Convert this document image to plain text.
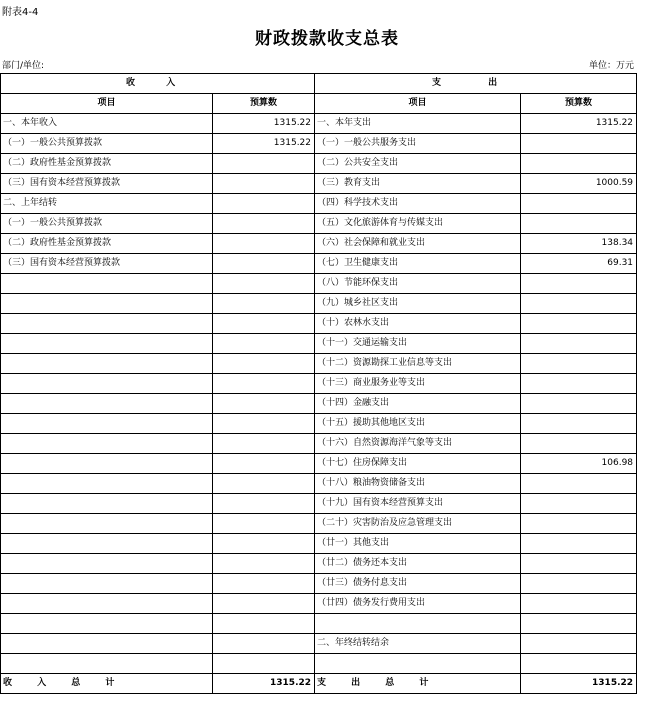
附表4-4
财政拨款收支总表
部门/单位:	单位：万元
收 入		支 出	
项目	预算数	项目	预算数
一、本年收入	1315.22	一、本年支出	1315.22
（一）一般公共预算拨款	1315.22	（一）一般公共服务支出	
（二）政府性基金预算拨款		（二）公共安全支出	
（三）国有资本经营预算拨款		（三）教育支出	1000.59
二、上年结转		（四）科学技术支出	
（一）一般公共预算拨款		（五）文化旅游体育与传媒支出	
（二）政府性基金预算拨款		（六）社会保障和就业支出	138.34
（三）国有资本经营预算拨款		（七）卫生健康支出	69.31
		（八）节能环保支出	
		（九）城乡社区支出	
		（十）农林水支出	
		（十一）交通运输支出	
		（十二）资源勘探工业信息等支出	
		（十三）商业服务业等支出	
		（十四）金融支出	
		（十五）援助其他地区支出	
		（十六）自然资源海洋气象等支出	
		（十七）住房保障支出	106.98
		（十八）粮油物资储备支出	
		（十九）国有资本经营预算支出	
		（二十）灾害防治及应急管理支出	
		（廿一）其他支出	
		（廿二）债务还本支出	
		（廿三）债务付息支出	
		（廿四）债务发行费用支出	

		二、年终结转结余	

收 入 总 计	1315.22	支 出 总 计	1315.22
